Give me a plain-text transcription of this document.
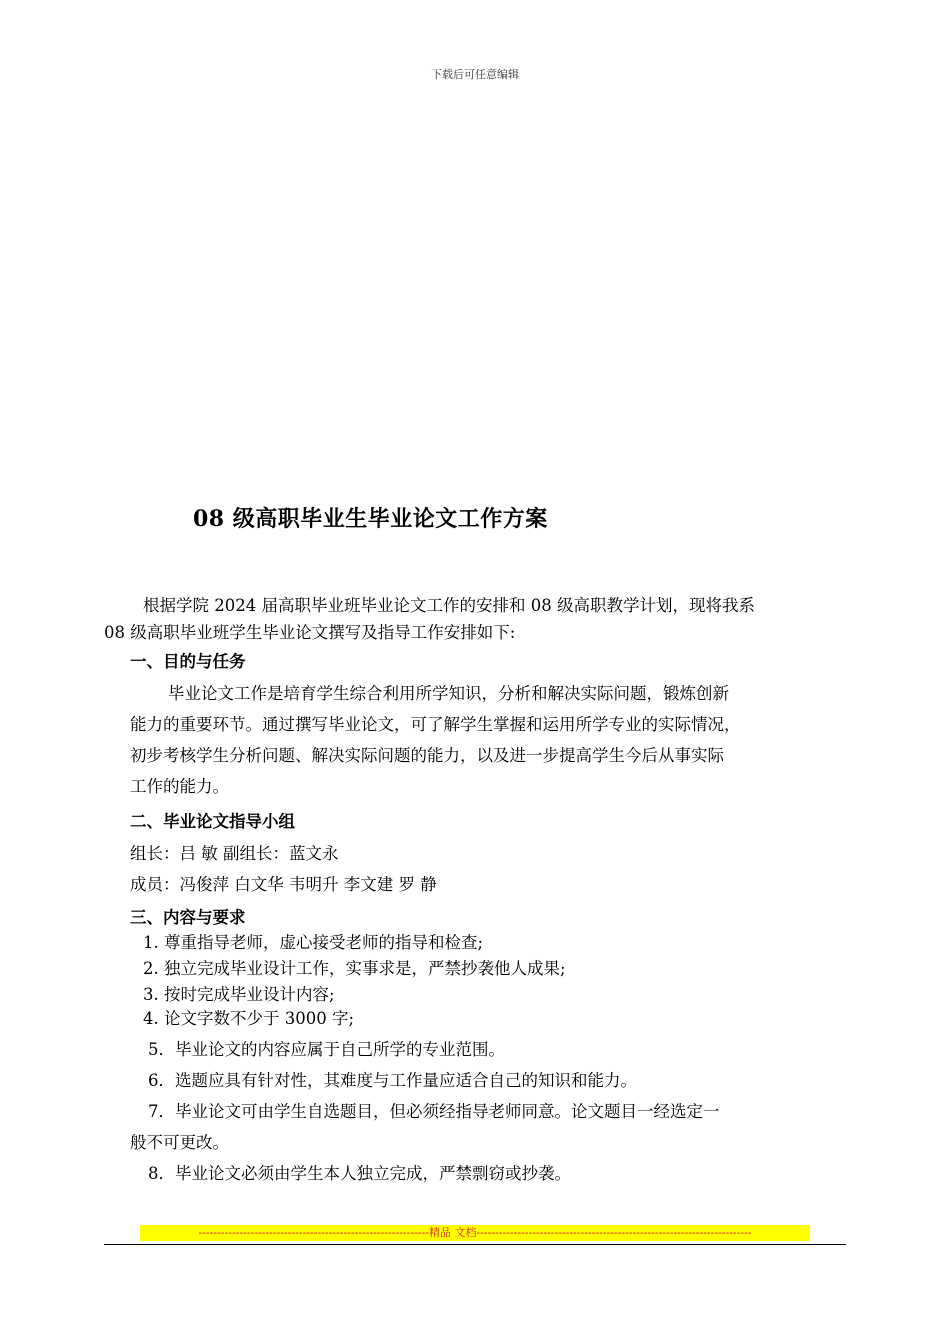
下载后可任意编辑
08 级高职毕业生毕业论文工作方案
根据学院 2024 届高职毕业班毕业论文工作的安排和 08 级高职教学计划，现将我系
08 级高职毕业班学生毕业论文撰写及指导工作安排如下:
一、目的与任务
毕业论文工作是培育学生综合利用所学知识，分析和解决实际问题，锻炼创新
能力的重要环节。通过撰写毕业论文，可了解学生掌握和运用所学专业的实际情况，
初步考核学生分析问题、解决实际问题的能力，以及进一步提高学生今后从事实际
工作的能力。
二、毕业论文指导小组
组长：吕 敏 副组长：蓝文永
成员：冯俊萍 白文华 韦明升 李文建 罗 静
三、内容与要求
1. 尊重指导老师，虚心接受老师的指导和检查;
2. 独立完成毕业设计工作，实事求是，严禁抄袭他人成果;
3. 按时完成毕业设计内容;
4. 论文字数不少于 3000 字;
5．毕业论文的内容应属于自己所学的专业范围。
6．选题应具有针对性，其难度与工作量应适合自己的知识和能力。
7．毕业论文可由学生自选题目，但必须经指导老师同意。论文题目一经选定一
般不可更改。
8．毕业论文必须由学生本人独立完成，严禁剽窃或抄袭。
--------------------------------------------------------------精品 文档--------------------------------------------------------------------------
